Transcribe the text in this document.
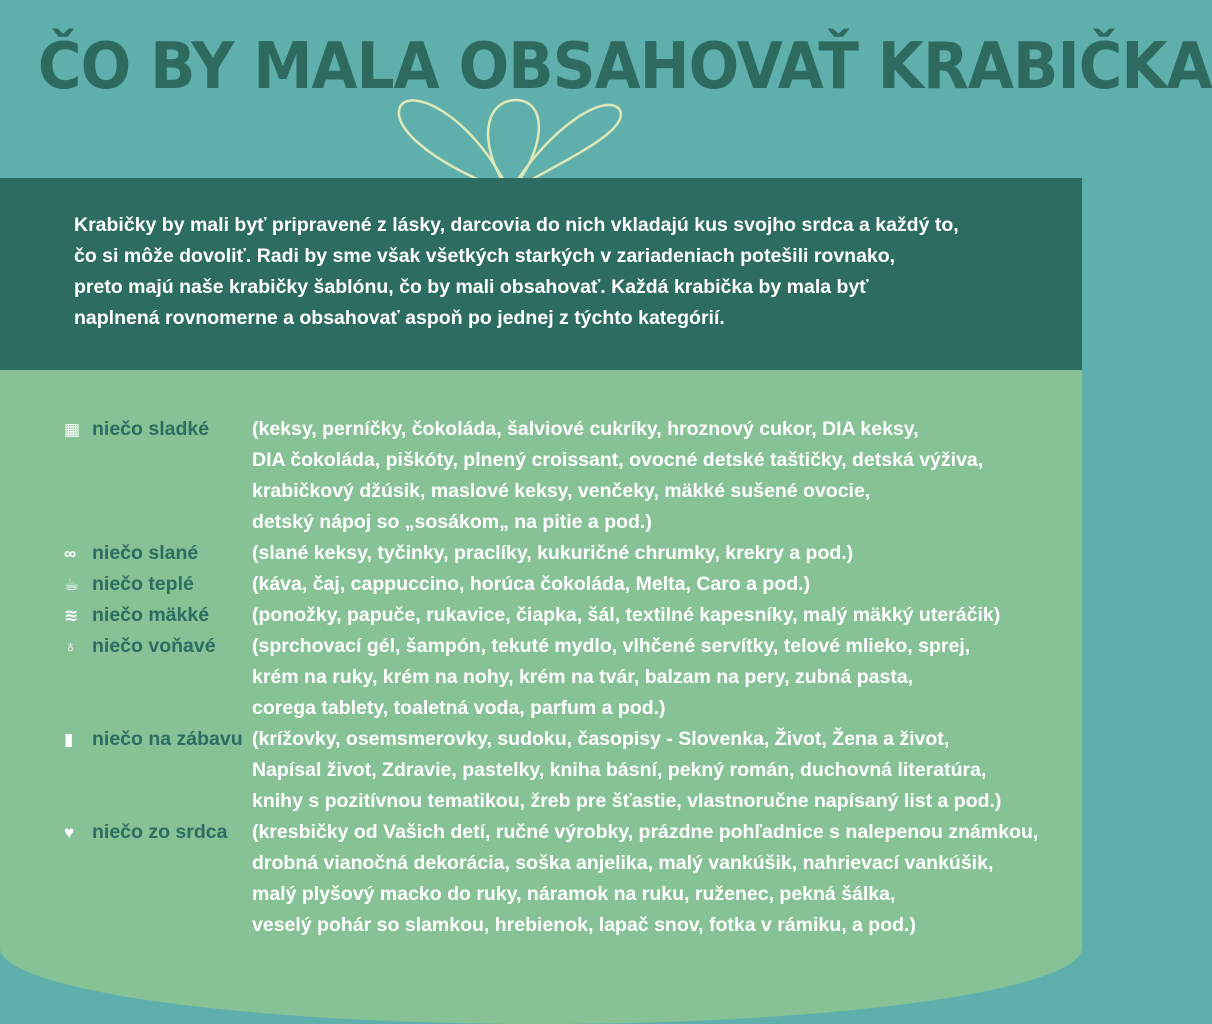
ČO BY MALA OBSAHOVAŤ KRABIČKA

Krabičky by mali byť pripravené z lásky, darcovia do nich vkladajú kus svojho srdca a každý to,

čo si môže dovoliť. Radi by sme však všetkých starkých v zariadeniach potešili rovnako,

preto majú naše krabičky šablónu, čo by mali obsahovať. Každá krabička by mala byť

naplnená rovnomerne a obsahovať aspoň po jednej z týchto kategórií.

▦ niečo sladké	(keksy, perníčky, čokoláda, šalviové cukríky, hroznový cukor, DIA keksy,
DIA čokoláda, piškóty, plnený croissant, ovocné detské taštičky, detská výživa,
krabičkový džúsik, maslové keksy, venčeky, mäkké sušené ovocie,
detský nápoj so „sosákom„ na pitie a pod.)
∞ niečo slané	(slané keksy, tyčinky, praclíky, kukuričné chrumky, krekry a pod.)
☕ niečo teplé	(káva, čaj, cappuccino, horúca čokoláda, Melta, Caro a pod.)
≋ niečo mäkké	(ponožky, papuče, rukavice, čiapka, šál, textilné kapesníky, malý mäkký uteráčik)
♁ niečo voňavé	(sprchovací gél, šampón, tekuté mydlo, vlhčené servítky, telové mlieko, sprej,
krém na ruky, krém na nohy, krém na tvár, balzam na pery, zubná pasta,
corega tablety, toaletná voda, parfum a pod.)
▮ niečo na zábavu (krížovky, osemsmerovky, sudoku, časopisy - Slovenka, Život, Žena a život,
Napísal život, Zdravie, pastelky, kniha básní, pekný román, duchovná literatúra,
knihy s pozitívnou tematikou, žreb pre šťastie, vlastnoručne napísaný list a pod.)
♥ niečo zo srdca	(kresbičky od Vašich detí, ručné výrobky, prázdne pohľadnice s nalepenou známkou,
drobná vianočná dekorácia, soška anjelika, malý vankúšik, nahrievací vankúšik,
malý plyšový macko do ruky, náramok na ruku, ruženec, pekná šálka,
veselý pohár so slamkou, hrebienok, lapač snov, fotka v rámiku, a pod.)
